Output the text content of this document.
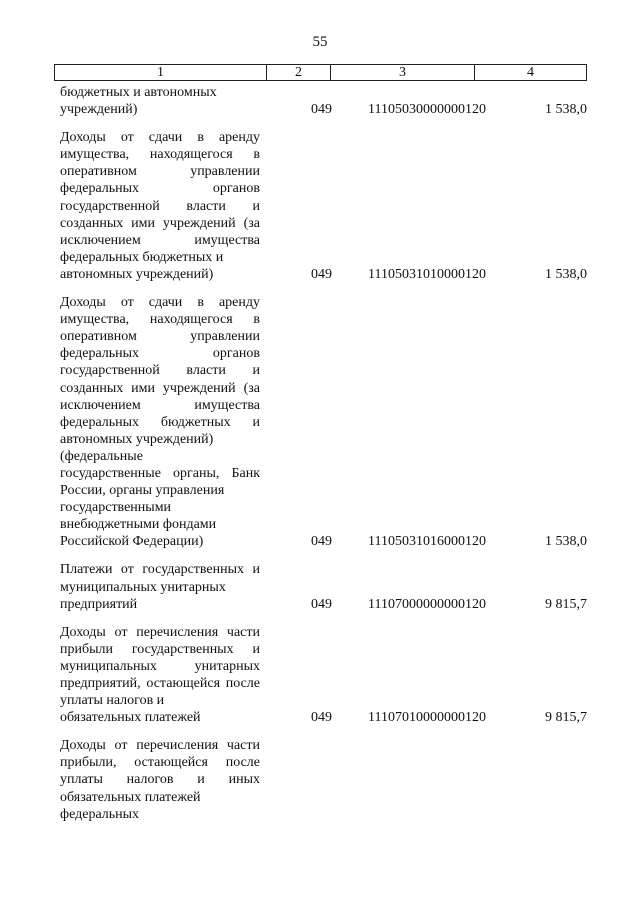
55
1	2	3	4
бюджетных и автономных
учреждений)	049	11105030000000120	1 538,0
Доходы от сдачи в аренду имущества, находящегося в оперативном управлении федеральных органов государственной власти и созданных ими учреждений (за исключением имущества федеральных бюджетных и
автономных учреждений)	049	11105031010000120	1 538,0
Доходы от сдачи в аренду имущества, находящегося в оперативном управлении федеральных органов государственной власти и созданных ими учреждений (за исключением имущества федеральных бюджетных и автономных учреждений)
(федеральные
государственные органы, Банк России, органы управления
государственными
внебюджетными фондами
Российской Федерации)	049	11105031016000120	1 538,0
Платежи от государственных и муниципальных унитарных
предприятий	049	11107000000000120	9 815,7
Доходы от перечисления части прибыли государственных и муниципальных унитарных предприятий, остающейся после уплаты налогов и
обязательных платежей	049	11107010000000120	9 815,7
Доходы от перечисления части прибыли, остающейся после уплаты налогов и иных обязательных платежей
федеральных
